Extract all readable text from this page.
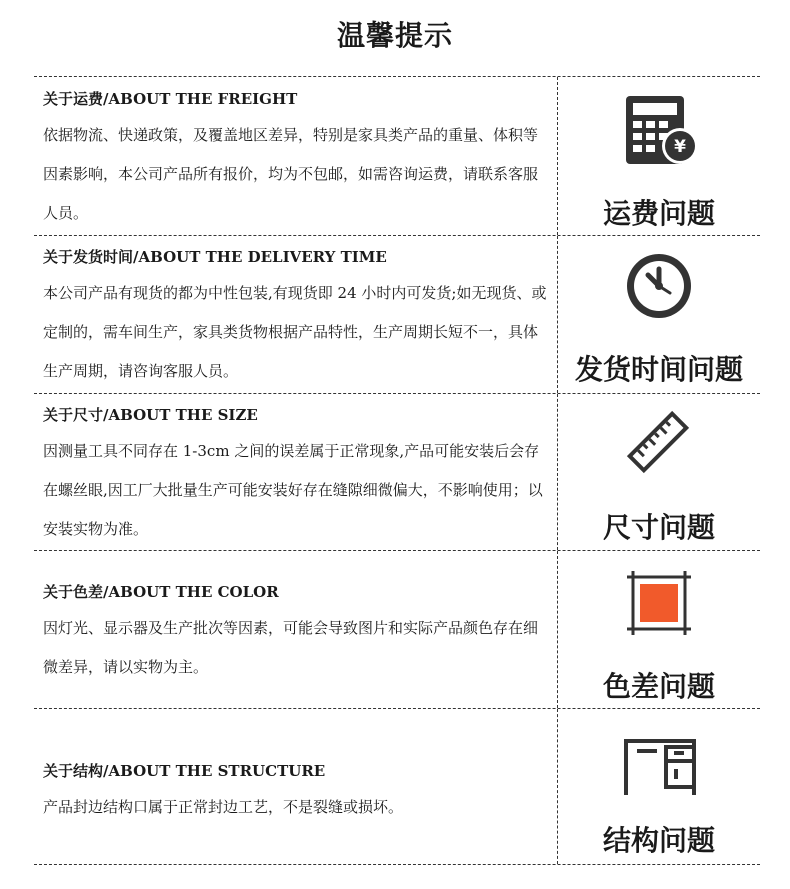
温馨提示
关于运费/ABOUT THE FREIGHT
依据物流、快递政策，及覆盖地区差异，特别是家具类产品的重量、体积等因素影响，本公司产品所有报价，均为不包邮，如需咨询运费，请联系客服人员。
¥
运费问题
关于发货时间/ABOUT THE DELIVERY TIME
本公司产品有现货的都为中性包装,有现货即 24 小时内可发货;如无现货、或定制的，需车间生产，家具类货物根据产品特性，生产周期长短不一，具体生产周期，请咨询客服人员。	发货时间问题
关于尺寸/ABOUT THE SIZE
因测量工具不同存在 1-3cm 之间的误差属于正常现象,产品可能安装后会存在螺丝眼,因工厂大批量生产可能安装好存在缝隙细微偏大，不影响使用；以安装实物为准。	尺寸问题
关于色差/ABOUT THE COLOR
因灯光、显示器及生产批次等因素，可能会导致图片和实际产品颜色存在细微差异，请以实物为主。
色差问题
关于结构/ABOUT THE STRUCTURE
产品封边结构口属于正常封边工艺，不是裂缝或损坏。
结构问题
